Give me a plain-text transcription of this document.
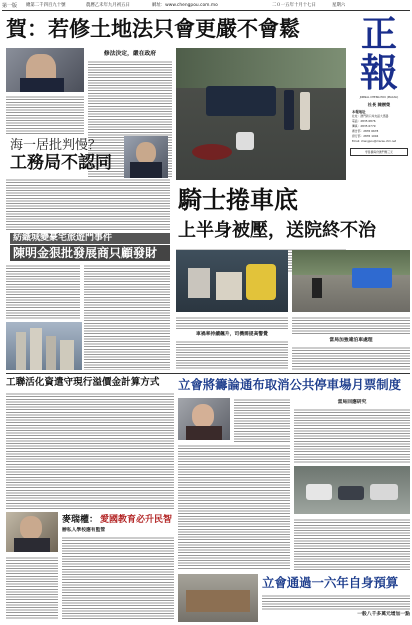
第一版 總第二千四百九十號	農曆乙未年九月初五日	網址：www.chengpou.com.mo	二０一五年十月十七日	星期六
賀：若修土地法只會更嚴不會鬆	正
報
JORNAL CHENG POU (MACAU)
社長 陳樹榮
本報地址
社址：澳門新口岸友誼大馬路
電話：2835 6876
傳真：2835 6779
廣告部：2835 6678
發行部：2835 1004
Email: chengpou@macau.ctm.net
零售價每份澳門幣三元
修法決定，嚴在政府
騎士捲車底
上半身被壓，送院終不治
海一居批判慢？
工務局不認同
紡織城變豪宅旅遊門事件
陳明金狠批發展商只顧發財
車禍率持續飆升，司機需提高警覺
當局加強違泊車處理
工聯活化資遣守現行溢價金計算方式
麥瑞權： 愛國教育必升民智
辦私人學校應有監管
立會將籌論通布取消公共停車場月票制度
當局回應研究
立會通過一六年自身預算
一般八千多萬元增加一點
